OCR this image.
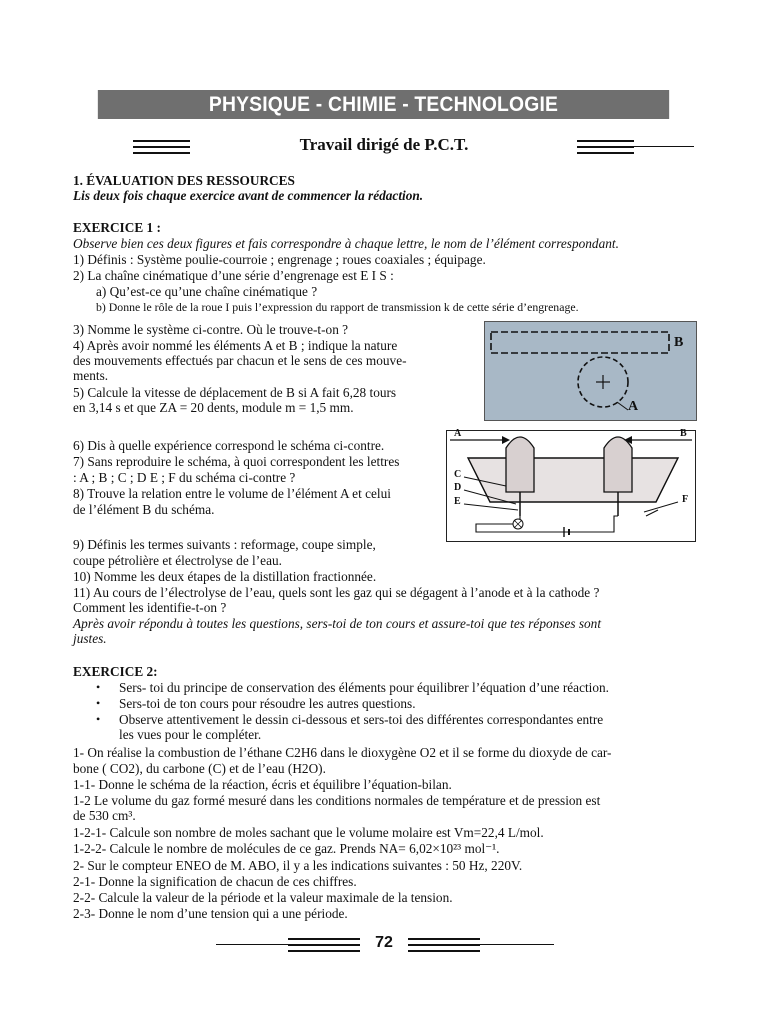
PHYSIQUE - CHIMIE - TECHNOLOGIE
Travail dirigé de P.C.T.
1. ÉVALUATION DES RESSOURCES
Lis deux fois chaque exercice avant de commencer la rédaction.
EXERCICE 1 :
Observe bien ces deux figures et fais correspondre à chaque lettre, le nom de l’élément correspondant.
1) Définis : Système poulie-courroie ; engrenage ; roues coaxiales ; équipage.
2) La chaîne cinématique d’une série d’engrenage est E I S :
a) Qu’est-ce qu’une chaîne cinématique ?
b) Donne le rôle de la roue I puis l’expression du rapport de transmission k de cette série d’engrenage.
3) Nomme le système ci-contre. Où le trouve-t-on ?
4) Après avoir nommé les éléments A et B ; indique la nature
des mouvements effectués par chacun et le sens de ces mouve-
ments.
5) Calcule la vitesse de déplacement de B si A fait 6,28 tours
en 3,14 s et que ZA = 20 dents, module m = 1,5 mm.
B
A
A	B
C
D
E	F
6) Dis à quelle expérience correspond le schéma ci-contre.
7) Sans reproduire le schéma, à quoi correspondent les lettres
: A ; B ; C ; D E ; F du schéma ci-contre ?
8) Trouve la relation entre le volume de l’élément A et celui
de l’élément B du schéma.
9) Définis les termes suivants : reformage, coupe simple,
coupe pétrolière et électrolyse de l’eau.
10) Nomme les deux étapes de la distillation fractionnée.
11) Au cours de l’électrolyse de l’eau, quels sont les gaz qui se dégagent à l’anode et à la cathode ?
Comment les identifie-t-on ?
Après avoir répondu à toutes les questions, sers-toi de ton cours et assure-toi que tes réponses sont
justes.
EXERCICE 2:
• Sers- toi du principe de conservation des éléments pour équilibrer l’équation d’une réaction.
• Sers-toi de ton cours pour résoudre les autres questions.
• Observe attentivement le dessin ci-dessous et sers-toi des différentes correspondantes entre
les vues pour le compléter.
1- On réalise la combustion de l’éthane C2H6 dans le dioxygène O2 et il se forme du dioxyde de car-
bone ( CO2), du carbone (C) et de l’eau (H2O).
1-1- Donne le schéma de la réaction, écris et équilibre l’équation-bilan.
1-2 Le volume du gaz formé mesuré dans les conditions normales de température et de pression est
de 530 cm³.
1-2-1- Calcule son nombre de moles sachant que le volume molaire est Vm=22,4 L/mol.
1-2-2- Calcule le nombre de molécules de ce gaz. Prends NA= 6,02×10²³ mol⁻¹.
2- Sur le compteur ENEO de M. ABO, il y a les indications suivantes : 50 Hz, 220V.
2-1- Donne la signification de chacun de ces chiffres.
2-2- Calcule la valeur de la période et la valeur maximale de la tension.
2-3- Donne le nom d’une tension qui a une période.
72
